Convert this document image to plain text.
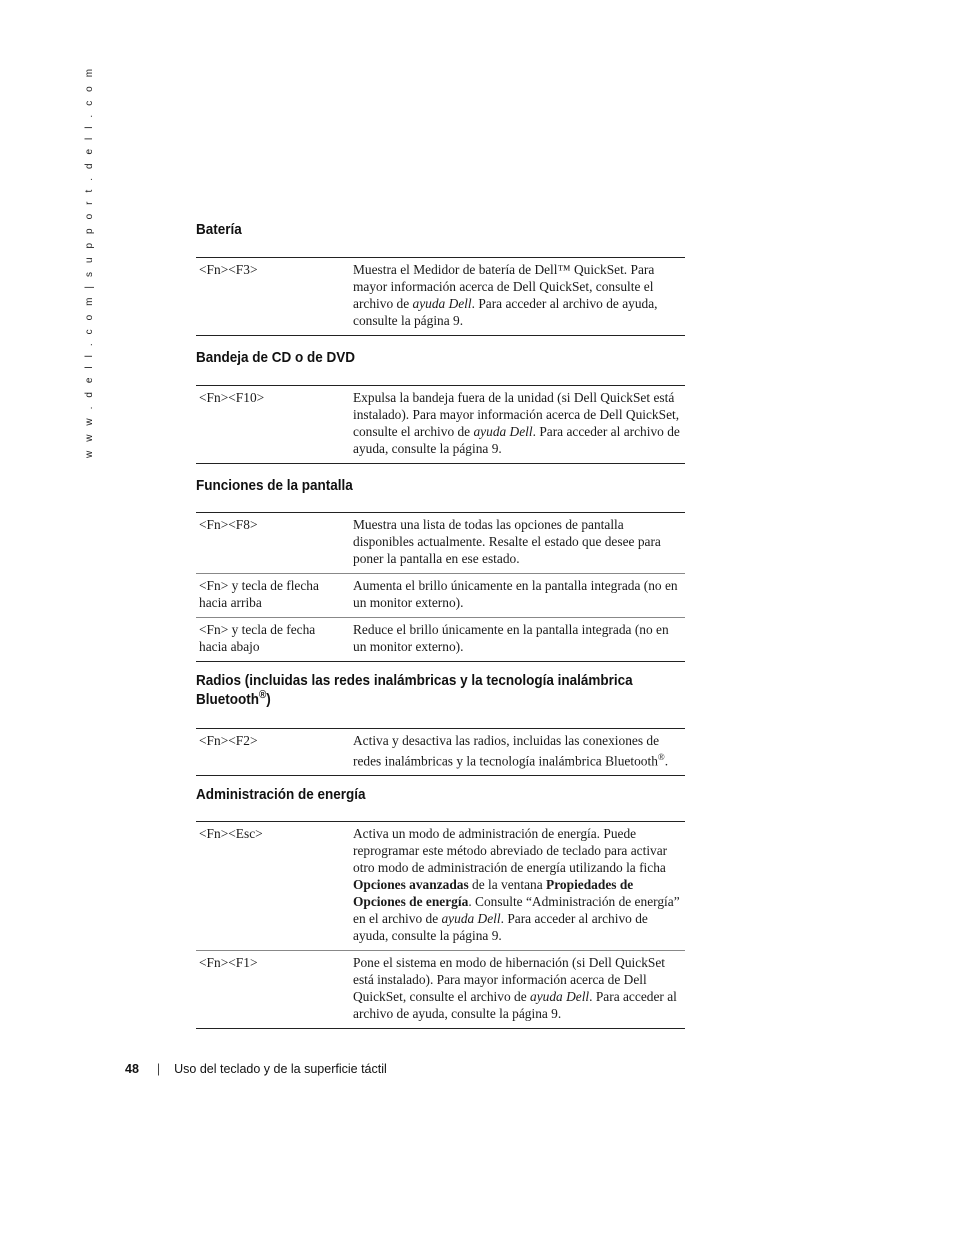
w w w . d e l l . c o m | s u p p o r t . d e l l . c o m	Batería
<Fn><F3>	Muestra el Medidor de batería de Dell™ QuickSet. Para mayor información acerca de Dell QuickSet, consulte el archivo de ayuda Dell. Para acceder al archivo de ayuda, consulte la página 9.
Bandeja de CD o de DVD
<Fn><F10>	Expulsa la bandeja fuera de la unidad (si Dell QuickSet está instalado). Para mayor información acerca de Dell QuickSet, consulte el archivo de ayuda Dell. Para acceder al archivo de ayuda, consulte la página 9.
Funciones de la pantalla
<Fn><F8>	Muestra una lista de todas las opciones de pantalla disponibles actualmente. Resalte el estado que desee para poner la pantalla en ese estado.
<Fn> y tecla de flecha hacia arriba	Aumenta el brillo únicamente en la pantalla integrada (no en un monitor externo).
<Fn> y tecla de fecha hacia abajo	Reduce el brillo únicamente en la pantalla integrada (no en un monitor externo).
Radios (incluidas las redes inalámbricas y la tecnología inalámbrica Bluetooth®)
<Fn><F2>	Activa y desactiva las radios, incluidas las conexiones de redes inalámbricas y la tecnología inalámbrica Bluetooth®.
Administración de energía
<Fn><Esc>	Activa un modo de administración de energía. Puede reprogramar este método abreviado de teclado para activar otro modo de administración de energía utilizando la ficha Opciones avanzadas de la ventana Propiedades de Opciones de energía. Consulte “Administración de energía” en el archivo de ayuda Dell. Para acceder al archivo de ayuda, consulte la página 9.
<Fn><F1>	Pone el sistema en modo de hibernación (si Dell QuickSet está instalado). Para mayor información acerca de Dell QuickSet, consulte el archivo de ayuda Dell. Para acceder al archivo de ayuda, consulte la página 9.
48 | Uso del teclado y de la superficie táctil
